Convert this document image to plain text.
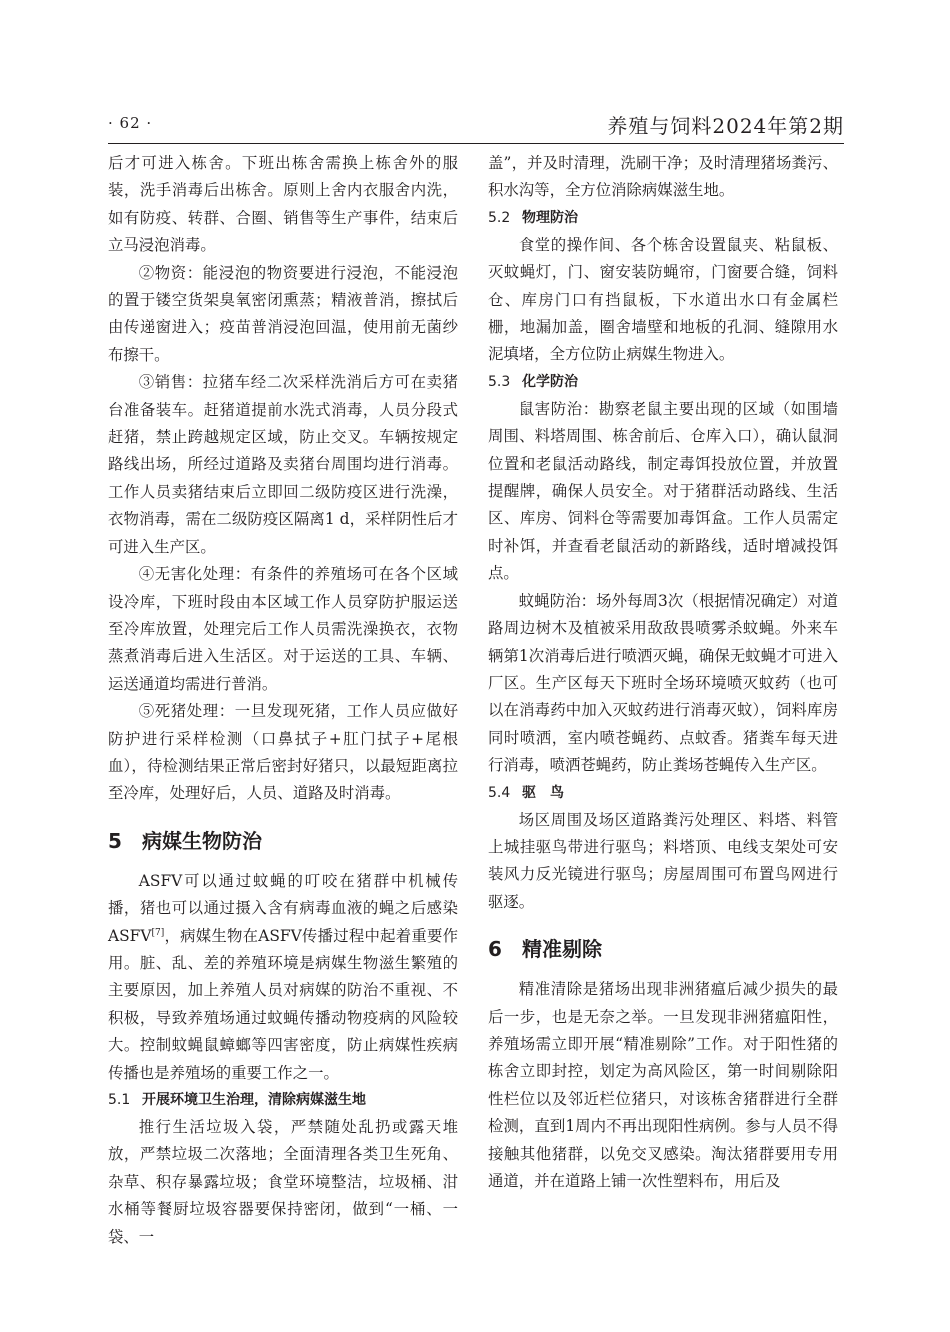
· 62 ·	养殖与饲料2024年第2期

后才可进入栋舍。下班出栋舍需换上栋舍外的服装，洗手消毒后出栋舍。原则上舍内衣服舍内洗，如有防疫、转群、合圈、销售等生产事件，结束后立马浸泡消毒。

②物资：能浸泡的物资要进行浸泡，不能浸泡的置于镂空货架臭氧密闭熏蒸；精液普消，擦拭后由传递窗进入；疫苗普消浸泡回温，使用前无菌纱布擦干。

③销售：拉猪车经二次采样洗消后方可在卖猪台准备装车。赶猪道提前水洗式消毒，人员分段式赶猪，禁止跨越规定区域，防止交叉。车辆按规定路线出场，所经过道路及卖猪台周围均进行消毒。工作人员卖猪结束后立即回二级防疫区进行洗澡，衣物消毒，需在二级防疫区隔离1 d，采样阴性后才可进入生产区。

④无害化处理：有条件的养殖场可在各个区域设冷库，下班时段由本区域工作人员穿防护服运送至冷库放置，处理完后工作人员需洗澡换衣，衣物蒸煮消毒后进入生活区。对于运送的工具、车辆、运送通道均需进行普消。

⑤死猪处理：一旦发现死猪，工作人员应做好防护进行采样检测（口鼻拭子+肛门拭子+尾根血），待检测结果正常后密封好猪只，以最短距离拉至冷库，处理好后，人员、道路及时消毒。

5 病媒生物防治

ASFV可以通过蚊蝇的叮咬在猪群中机械传播，猪也可以通过摄入含有病毒血液的蝇之后感染ASFV[7]，病媒生物在ASFV传播过程中起着重要作用。脏、乱、差的养殖环境是病媒生物滋生繁殖的主要原因，加上养殖人员对病媒的防治不重视、不积极，导致养殖场通过蚊蝇传播动物疫病的风险较大。控制蚊蝇鼠蟑螂等四害密度，防止病媒性疾病传播也是养殖场的重要工作之一。

5.1 开展环境卫生治理，清除病媒滋生地

推行生活垃圾入袋，严禁随处乱扔或露天堆放，严禁垃圾二次落地；全面清理各类卫生死角、杂草、积存暴露垃圾；食堂环境整洁，垃圾桶、泔水桶等餐厨垃圾容器要保持密闭，做到“一桶、一袋、一

盖”，并及时清理，洗刷干净；及时清理猪场粪污、积水沟等，全方位消除病媒滋生地。

5.2 物理防治

食堂的操作间、各个栋舍设置鼠夹、粘鼠板、灭蚊蝇灯，门、窗安装防蝇帘，门窗要合缝，饲料仓、库房门口有挡鼠板，下水道出水口有金属栏栅，地漏加盖，圈舍墙壁和地板的孔洞、缝隙用水泥填堵，全方位防止病媒生物进入。

5.3 化学防治

鼠害防治：勘察老鼠主要出现的区域（如围墙周围、料塔周围、栋舍前后、仓库入口），确认鼠洞位置和老鼠活动路线，制定毒饵投放位置，并放置提醒牌，确保人员安全。对于猪群活动路线、生活区、库房、饲料仓等需要加毒饵盒。工作人员需定时补饵，并查看老鼠活动的新路线，适时增减投饵点。

蚊蝇防治：场外每周3次（根据情况确定）对道路周边树木及植被采用敌敌畏喷雾杀蚊蝇。外来车辆第1次消毒后进行喷洒灭蝇，确保无蚊蝇才可进入厂区。生产区每天下班时全场环境喷灭蚊药（也可以在消毒药中加入灭蚊药进行消毒灭蚊），饲料库房同时喷洒，室内喷苍蝇药、点蚊香。猪粪车每天进行消毒，喷洒苍蝇药，防止粪场苍蝇传入生产区。

5.4 驱　鸟

场区周围及场区道路粪污处理区、料塔、料管上城挂驱鸟带进行驱鸟；料塔顶、电线支架处可安装风力反光镜进行驱鸟；房屋周围可布置鸟网进行驱逐。

6 精准剔除

精准清除是猪场出现非洲猪瘟后减少损失的最后一步，也是无奈之举。一旦发现非洲猪瘟阳性，养殖场需立即开展“精准剔除”工作。对于阳性猪的栋舍立即封控，划定为高风险区，第一时间剔除阳性栏位以及邻近栏位猪只，对该栋舍猪群进行全群检测，直到1周内不再出现阳性病例。参与人员不得接触其他猪群，以免交叉感染。淘汰猪群要用专用通道，并在道路上铺一次性塑料布，用后及
